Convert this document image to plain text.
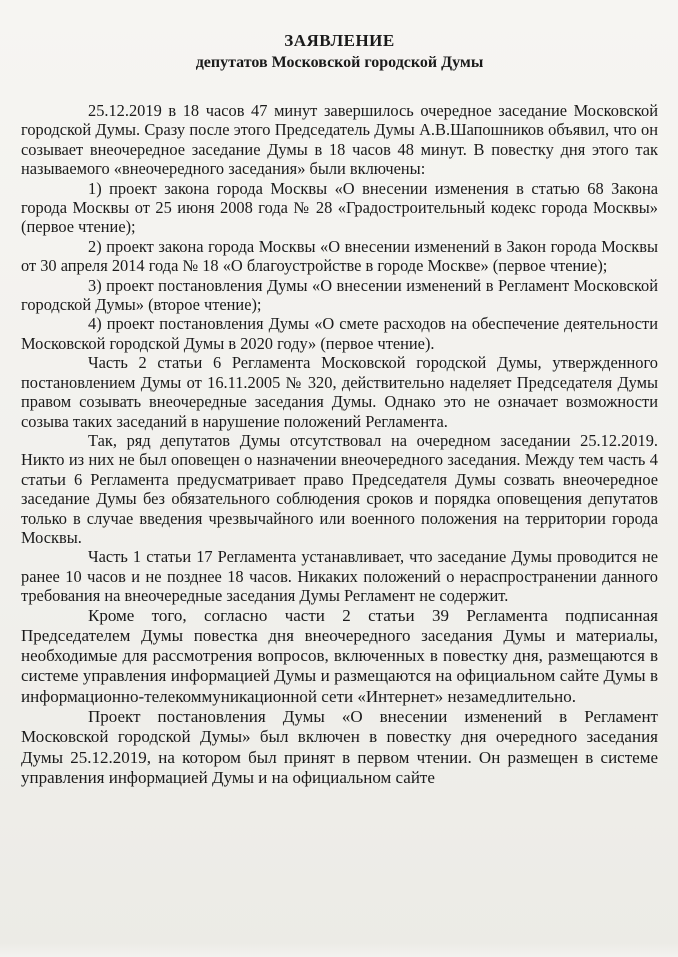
ЗАЯВЛЕНИЕ
депутатов Московской городской Думы

25.12.2019 в 18 часов 47 минут завершилось очередное заседание Московской городской Думы. Сразу после этого Председатель Думы А.В.Шапошников объявил, что он созывает внеочередное заседание Думы в 18 часов 48 минут. В повестку дня этого так называемого «внеочередного заседания» были включены:

1) проект закона города Москвы «О внесении изменения в статью 68 Закона города Москвы от 25 июня 2008 года № 28 «Градостроительный кодекс города Москвы» (первое чтение);

2) проект закона города Москвы «О внесении изменений в Закон города Москвы от 30 апреля 2014 года № 18 «О благоустройстве в городе Москве» (первое чтение);

3) проект постановления Думы «О внесении изменений в Регламент Московской городской Думы» (второе чтение);

4) проект постановления Думы «О смете расходов на обеспечение деятельности Московской городской Думы в 2020 году» (первое чтение).

Часть 2 статьи 6 Регламента Московской городской Думы, утвержденного постановлением Думы от 16.11.2005 № 320, действительно наделяет Председателя Думы правом созывать внеочередные заседания Думы. Однако это не означает возможности созыва таких заседаний в нарушение положений Регламента.

Так, ряд депутатов Думы отсутствовал на очередном заседании 25.12.2019. Никто из них не был оповещен о назначении внеочередного заседания. Между тем часть 4 статьи 6 Регламента предусматривает право Председателя Думы созвать внеочередное заседание Думы без обязательного соблюдения сроков и порядка оповещения депутатов только в случае введения чрезвычайного или военного положения на территории города Москвы.

Часть 1 статьи 17 Регламента устанавливает, что заседание Думы проводится не ранее 10 часов и не позднее 18 часов. Никаких положений о нераспространении данного требования на внеочередные заседания Думы Регламент не содержит.

Кроме того, согласно части 2 статьи 39 Регламента подписанная Председателем Думы повестка дня внеочередного заседания Думы и материалы, необходимые для рассмотрения вопросов, включенных в повестку дня, размещаются в системе управления информацией Думы и размещаются на официальном сайте Думы в информационно-телекоммуникационной сети «Интернет» незамедлительно.

Проект постановления Думы «О внесении изменений в Регламент Московской городской Думы» был включен в повестку дня очередного заседания Думы 25.12.2019, на котором был принят в первом чтении. Он размещен в системе управления информацией Думы и на официальном сайте
